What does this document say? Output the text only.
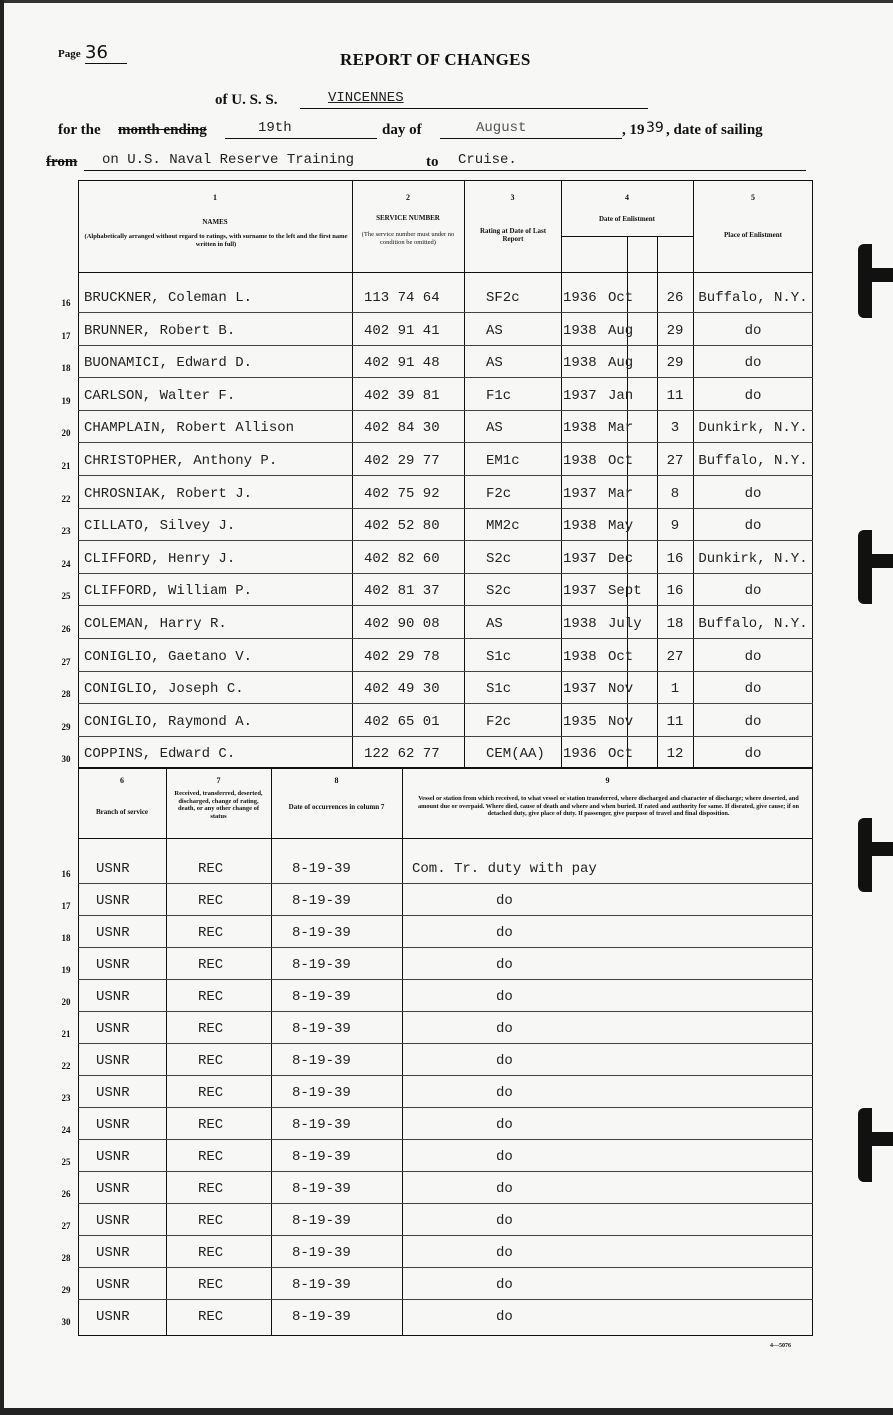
Page 36	REPORT OF CHANGES
of U. S. S.	VINCENNES
for the month ending	19th	day of	August	, 19 39 , date of sailing
from on U.S. Naval Reserve Training	to Cruise.
1
NAMES
(Alphabetically arranged without regard to ratings, with surname to the left and the first name written in full)
2
SERVICE NUMBER
(The service number must under no condition be omitted)
3
Rating at Date of Last Report
4
Date of Enlistment
5
Place of Enlistment
16 BRUCKNER, Coleman L.	113 74 64	SF2c	1936 Oct	26	Buffalo, N.Y.
17 BRUNNER, Robert B.	402 91 41	AS	1938 Aug	29	do
18 BUONAMICI, Edward D.	402 91 48	AS	1938 Aug	29	do
19 CARLSON, Walter F.	402 39 81	F1c	1937 Jan	11	do
20 CHAMPLAIN, Robert Allison	402 84 30	AS	1938 Mar	3	Dunkirk, N.Y.
21 CHRISTOPHER, Anthony P.	402 29 77	EM1c	1938 Oct	27	Buffalo, N.Y.
22 CHROSNIAK, Robert J.	402 75 92	F2c	1937 Mar	8	do
23 CILLATO, Silvey J.	402 52 80	MM2c	1938 May	9	do
24 CLIFFORD, Henry J.	402 82 60	S2c	1937 Dec	16	Dunkirk, N.Y.
25 CLIFFORD, William P.	402 81 37	S2c	1937 Sept	16	do
26 COLEMAN, Harry R.	402 90 08	AS	1938 July	18	Buffalo, N.Y.
27 CONIGLIO, Gaetano V.	402 29 78	S1c	1938 Oct	27	do
28 CONIGLIO, Joseph C.	402 49 30	S1c	1937 Nov	1	do
29 CONIGLIO, Raymond A.	402 65 01	F2c	1935 Nov	11	do
30 COPPINS, Edward C.	122 62 77	CEM(AA) 1936 Oct	12	do
6
Branch of service
7
Received, transferred, deserted, discharged, change of rating, death, or any other change of status
8
Date of occurrences in column 7
9
Vessel or station from which received, to what vessel or station transferred, where discharged and character of discharge; where deserted, and amount due or overpaid. Where died, cause of death and where and when buried. If rated and authority for same. If disrated, give cause; if on detached duty, give place of duty. If passenger, give purpose of travel and final disposition.
16	USNR	REC	8-19-39	Com. Tr. duty with pay
17	USNR	REC	8-19-39	do
18	USNR	REC	8-19-39	do
19	USNR	REC	8-19-39	do
20	USNR	REC	8-19-39	do
21	USNR	REC	8-19-39	do
22	USNR	REC	8-19-39	do
23	USNR	REC	8-19-39	do
24	USNR	REC	8-19-39	do
25	USNR	REC	8-19-39	do
26	USNR	REC	8-19-39	do
27	USNR	REC	8-19-39	do
28	USNR	REC	8-19-39	do
29	USNR	REC	8-19-39	do
30	USNR	REC	8-19-39	do
4—5076
